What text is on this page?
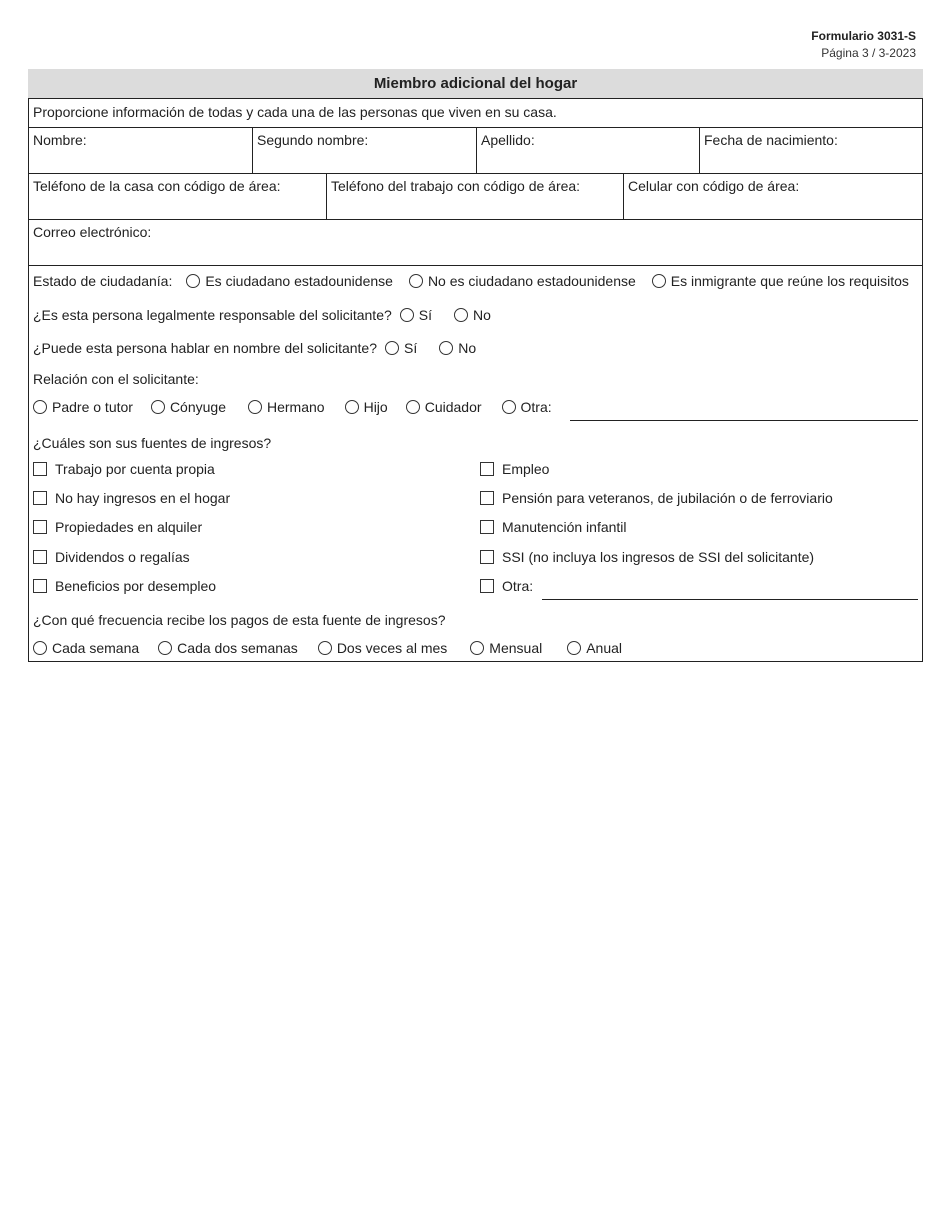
Formulario 3031-S
Página 3 / 3-2023
Miembro adicional del hogar
Proporcione información de todas y cada una de las personas que viven en su casa.
Nombre:	Segundo nombre:	Apellido:	Fecha de nacimiento:
Teléfono de la casa con código de área:	Teléfono del trabajo con código de área:	Celular con código de área:
Correo electrónico:
Estado de ciudadanía: Es ciudadano estadounidense	No es ciudadano estadounidense	Es inmigrante que reúne los requisitos
¿Es esta persona legalmente responsable del solicitante? Sí	No
¿Puede esta persona hablar en nombre del solicitante? Sí	No
Relación con el solicitante:
Padre o tutor	Cónyuge	Hermano	Hijo	Cuidador	Otra:
¿Cuáles son sus fuentes de ingresos?
Trabajo por cuenta propia
No hay ingresos en el hogar
Propiedades en alquiler
Dividendos o regalías
Beneficios por desempleo
Empleo
Pensión para veteranos, de jubilación o de ferroviario
Manutención infantil
SSI (no incluya los ingresos de SSI del solicitante)
Otra:
¿Con qué frecuencia recibe los pagos de esta fuente de ingresos?
Cada semana	Cada dos semanas	Dos veces al mes	Mensual	Anual
